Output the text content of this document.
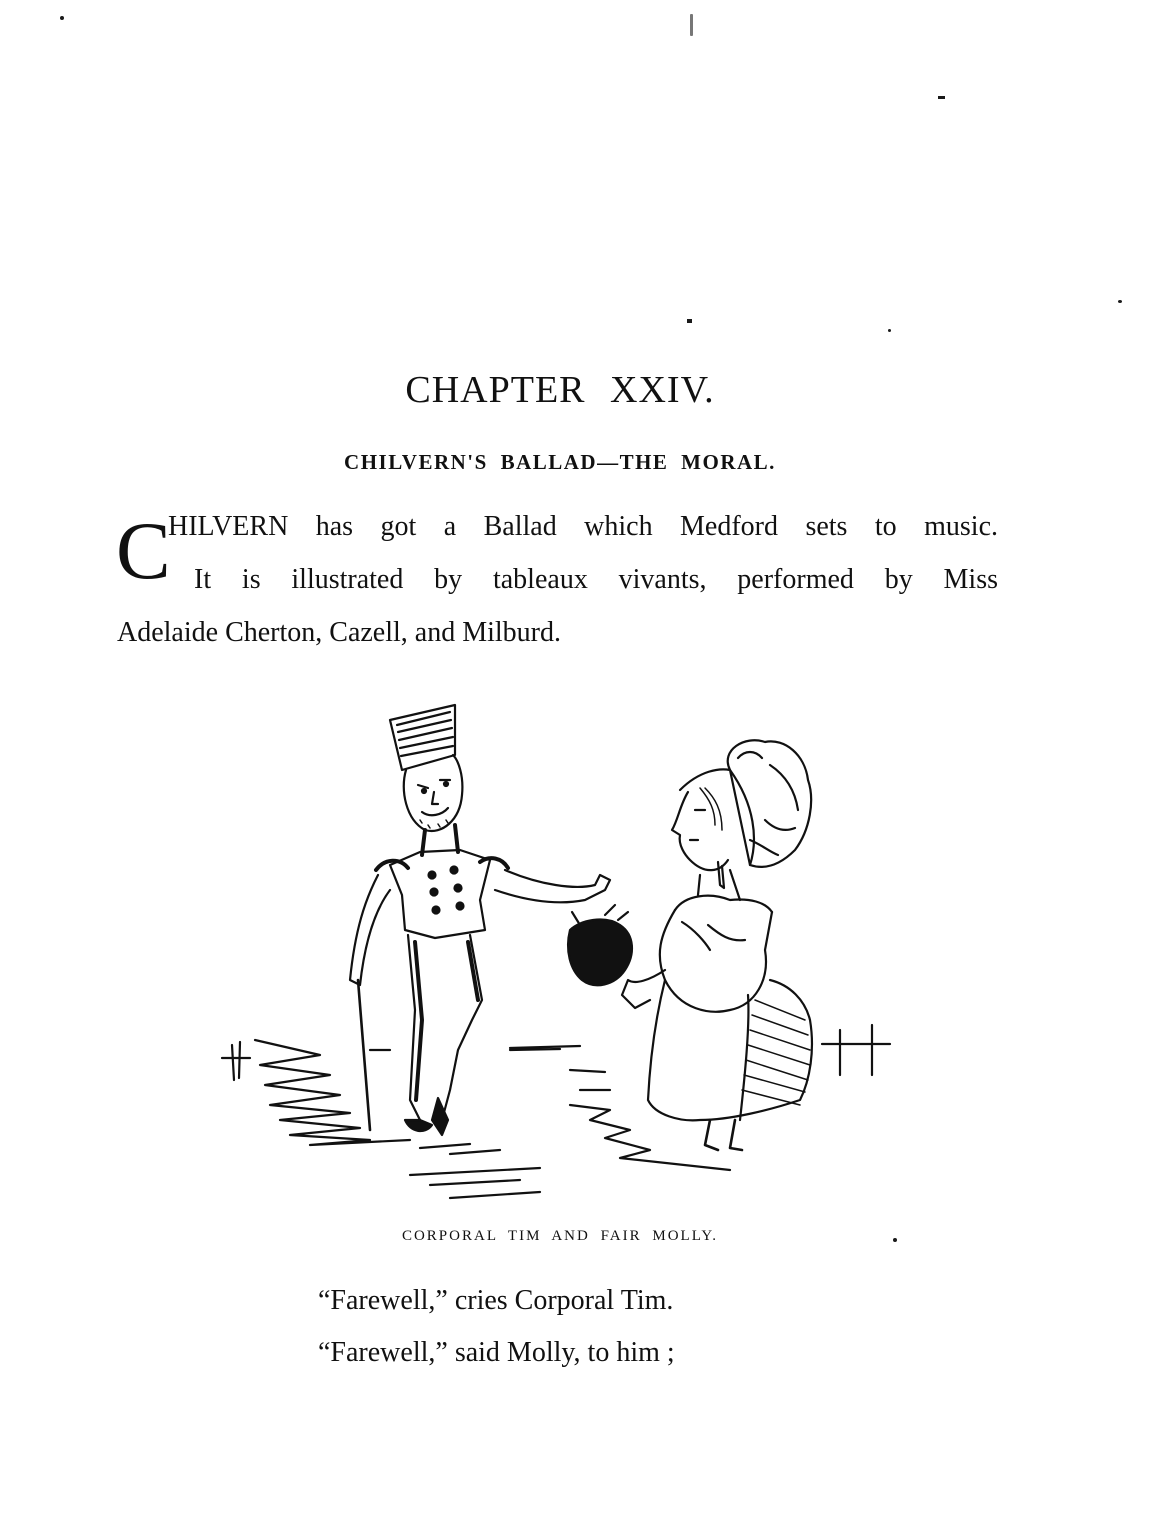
CHAPTER XXIV.
CHILVERN'S BALLAD—THE MORAL.
C
HILVERN has got a Ballad which Medford sets to music.
It is illustrated by tableaux vivants, performed by Miss
Adelaide Cherton, Cazell, and Milburd.
CORPORAL TIM AND FAIR MOLLY.
“Farewell,” cries Corporal Tim.
“Farewell,” said Molly, to him ;
